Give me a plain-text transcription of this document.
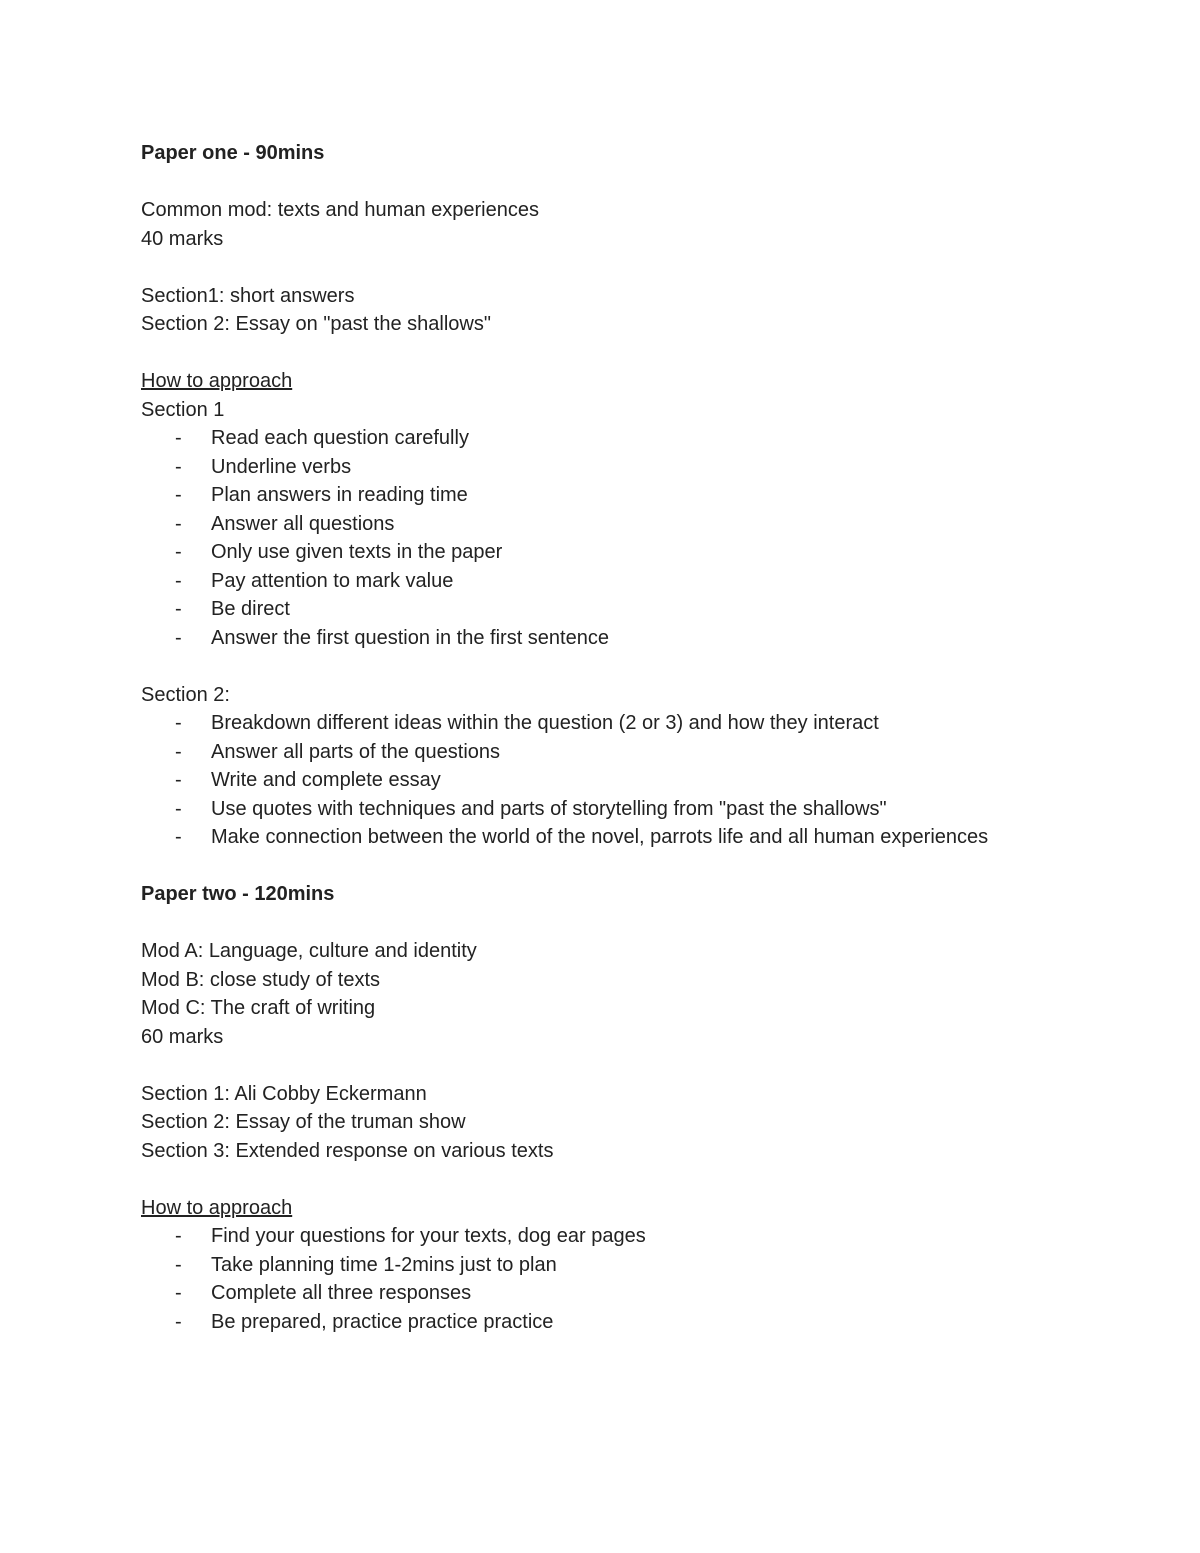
Paper one - 90mins
Common mod: texts and human experiences
40 marks
Section1: short answers
Section 2: Essay on "past the shallows"
How to approach
Section 1
- Read each question carefully
- Underline verbs
- Plan answers in reading time
- Answer all questions
- Only use given texts in the paper
- Pay attention to mark value
- Be direct
- Answer the first question in the first sentence
Section 2:
- Breakdown different ideas within the question (2 or 3) and how they interact
- Answer all parts of the questions
- Write and complete essay
- Use quotes with techniques and parts of storytelling from "past the shallows"
- Make connection between the world of the novel, parrots life and all human experiences
Paper two - 120mins
Mod A: Language, culture and identity
Mod B: close study of texts
Mod C: The craft of writing
60 marks
Section 1: Ali Cobby Eckermann
Section 2: Essay of the truman show
Section 3: Extended response on various texts
How to approach
- Find your questions for your texts, dog ear pages
- Take planning time 1-2mins just to plan
- Complete all three responses
- Be prepared, practice practice practice
